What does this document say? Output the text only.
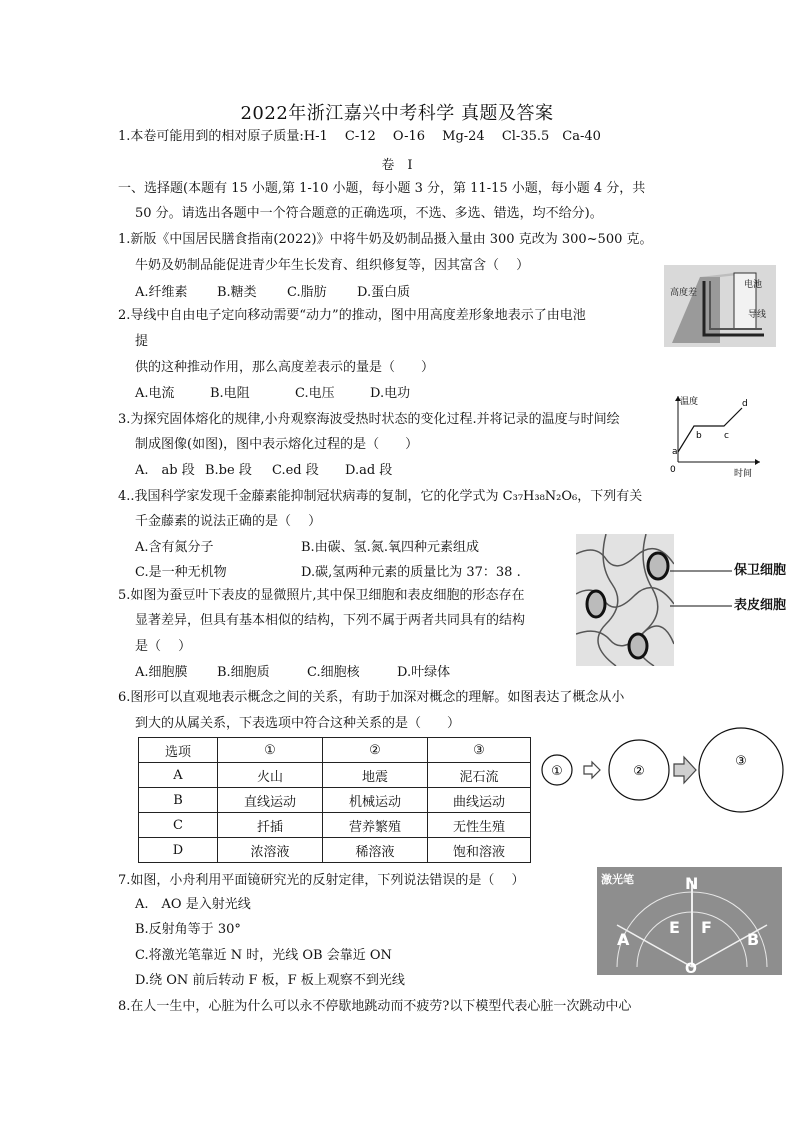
2022年浙江嘉兴中考科学 真题及答案
1.本卷可能用到的相对原子质量:H-1　 C-12　 O-16　 Mg-24　 Cl-35.5　Ca-40
卷　I
一、选择题(本题有 15 小题,第 1-10 小题，每小题 3 分，第 11-15 小题，每小题 4 分，共
50 分。请选出各题中一个符合题意的正确选项，不选、多选、错选，均不给分)。
1.新版《中国居民膳食指南(2022)》中将牛奶及奶制品摄入量由 300 克改为 300~500 克。
牛奶及奶制品能促进青少年生长发育、组织修复等，因其富含（　 ）
A.纤维素 B.糖类 C.脂肪 D.蛋白质	高度差
电池
导线
2.导线中自由电子定向移动需要“动力”的推动，图中用高度差形象地表示了由电池
提
供的这种推动作用，那么高度差表示的量是（　　）
A.电流	B.电阻	C.电压	D.电功
温度
时间
0
a
b c
d
3.为探究固体熔化的规律,小舟观察海波受热时状态的变化过程.并将记录的温度与时间绘
制成图像(如图)，图中表示熔化过程的是（　　）
A.　ab 段 B.be 段 C.ed 段 D.ad 段
4..我国科学家发现千金藤素能抑制冠状病毒的复制，它的化学式为 C₃₇H₃₈N₂O₆，下列有关
千金藤素的说法正确的是（　 ）
A.含有氮分子	B.由碳、氢.氮.氧四种元素组成
C.是一种无机物	D.碳,氢两种元素的质量比为 37：38 .	保卫细胞
表皮细胞
5.如图为蚕豆叶下表皮的显微照片,其中保卫细胞和表皮细胞的形态存在
显著差异，但具有基本相似的结构，下列不属于两者共同具有的结构
是（　 ）
A.细胞膜 B.细胞质	C.细胞核	D.叶绿体
6.图形可以直观地表示概念之间的关系，有助于加深对概念的理解。如图表达了概念从小
到大的从属关系，下表选项中符合这种关系的是（　　）
选项	①	②	③
A	火山	地震	泥石流
B	直线运动	机械运动	曲线运动
C	扦插	营养繁殖	无性生殖
D	浓溶液	稀溶液	饱和溶液
①	②
③
7.如图，小舟利用平面镜研究光的反射定律，下列说法错误的是（　 ）
A.　AO 是入射光线
B.反射角等于 30°
C.将激光笔靠近 N 时，光线 OB 会靠近 ON
D.绕 ON 前后转动 F 板，F 板上观察不到光线
激光笔	N
A
E F
B
O
8.在人一生中，心脏为什么可以永不停歇地跳动而不疲劳?以下模型代表心脏一次跳动中心
